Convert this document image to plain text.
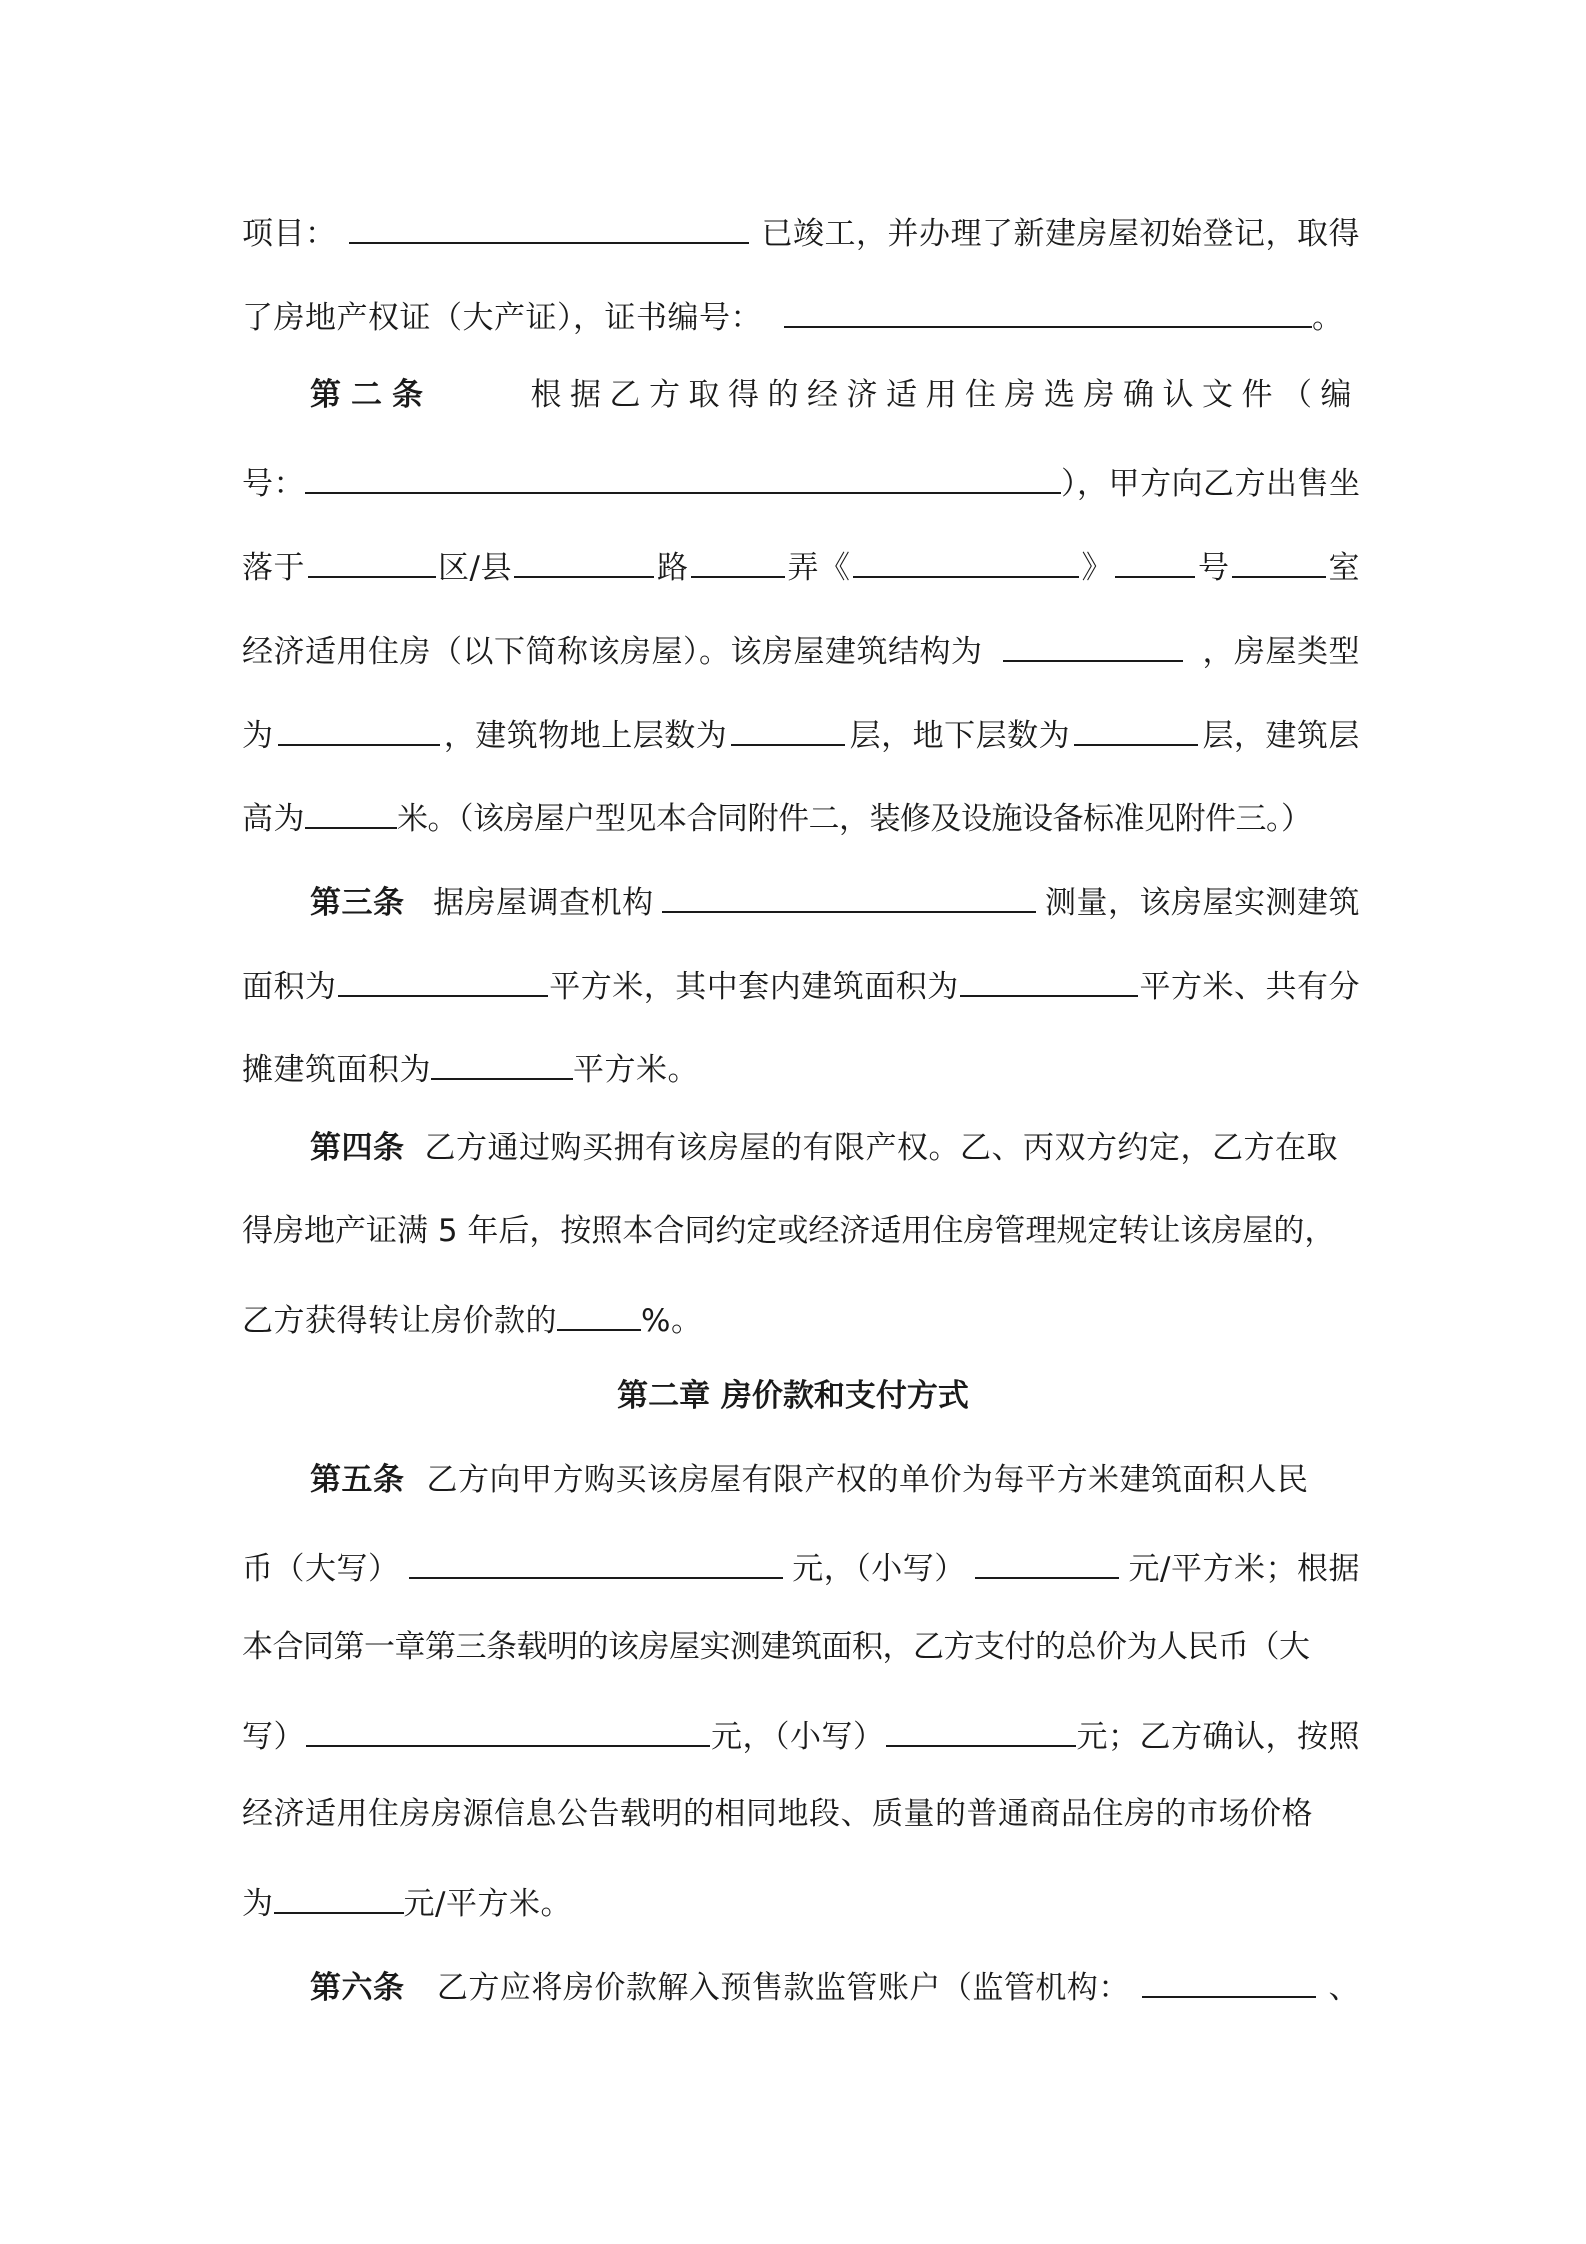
项目：	已竣工，并办理了新建房屋初始登记，取得
了房地产权证（大产证），证书编号：	。
第二条	根据乙方取得的经济适用住房选房确认文件（编
号：	），甲方向乙方出售坐
落于	区/县	路	弄《	》	号	室
经济适用住房（以下简称该房屋）。该房屋建筑结构为	，房屋类型
为	，建筑物地上层数为	层，地下层数为	层，建筑层
高为	米。（该房屋户型见本合同附件二，装修及设施设备标准见附件三。）
第三条 据房屋调查机构	测量，该房屋实测建筑
面积为	平方米，其中套内建筑面积为	平方米、共有分
摊建筑面积为	平方米。
第四条 乙方通过购买拥有该房屋的有限产权。乙、丙双方约定，乙方在取
得房地产证满 5 年后，按照本合同约定或经济适用住房管理规定转让该房屋的，
乙方获得转让房价款的	%。
第二章 房价款和支付方式
第五条 乙方向甲方购买该房屋有限产权的单价为每平方米建筑面积人民
币（大写）	元，（小写）	元/平方米；根据
本合同第一章第三条载明的该房屋实测建筑面积，乙方支付的总价为人民币（大
写）	元，（小写）	元；乙方确认，按照
经济适用住房房源信息公告载明的相同地段、质量的普通商品住房的市场价格
为	元/平方米。
第六条 乙方应将房价款解入预售款监管账户（监管机构：	、
